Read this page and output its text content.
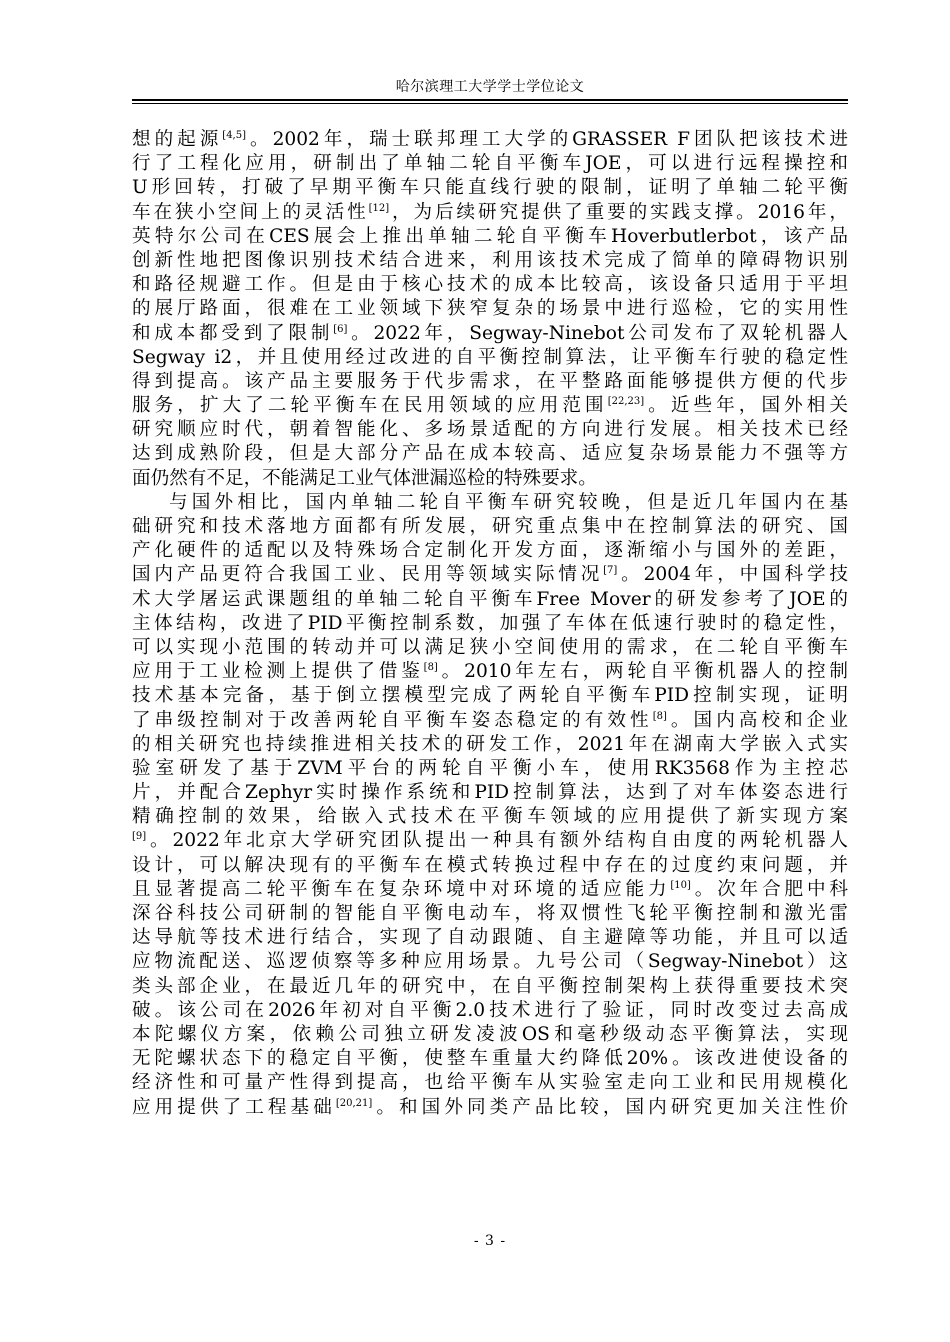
哈尔滨理工大学学士学位论文
想的起源[4,5]。2002年，瑞士联邦理工大学的GRASSER F团队把该技术进
行了工程化应用，研制出了单轴二轮自平衡车JOE，可以进行远程操控和
U形回转，打破了早期平衡车只能直线行驶的限制，证明了单轴二轮平衡
车在狭小空间上的灵活性[12]，为后续研究提供了重要的实践支撑。2016年，
英特尔公司在CES展会上推出单轴二轮自平衡车Hoverbutlerbot，该产品
创新性地把图像识别技术结合进来，利用该技术完成了简单的障碍物识别
和路径规避工作。但是由于核心技术的成本比较高，该设备只适用于平坦
的展厅路面，很难在工业领域下狭窄复杂的场景中进行巡检，它的实用性
和成本都受到了限制[6]。2022年，Segway-Ninebot公司发布了双轮机器人
Segway i2，并且使用经过改进的自平衡控制算法，让平衡车行驶的稳定性
得到提高。该产品主要服务于代步需求，在平整路面能够提供方便的代步
服务，扩大了二轮平衡车在民用领域的应用范围[22,23]。近些年，国外相关
研究顺应时代，朝着智能化、多场景适配的方向进行发展。相关技术已经
达到成熟阶段，但是大部分产品在成本较高、适应复杂场景能力不强等方
面仍然有不足，不能满足工业气体泄漏巡检的特殊要求。
与国外相比，国内单轴二轮自平衡车研究较晚，但是近几年国内在基
础研究和技术落地方面都有所发展，研究重点集中在控制算法的研究、国
产化硬件的适配以及特殊场合定制化开发方面，逐渐缩小与国外的差距，
国内产品更符合我国工业、民用等领域实际情况[7]。2004年，中国科学技
术大学屠运武课题组的单轴二轮自平衡车Free Mover的研发参考了JOE的
主体结构，改进了PID平衡控制系数，加强了车体在低速行驶时的稳定性，
可以实现小范围的转动并可以满足狭小空间使用的需求，在二轮自平衡车
应用于工业检测上提供了借鉴[8]。2010年左右，两轮自平衡机器人的控制
技术基本完备，基于倒立摆模型完成了两轮自平衡车PID控制实现，证明
了串级控制对于改善两轮自平衡车姿态稳定的有效性[8]。国内高校和企业
的相关研究也持续推进相关技术的研发工作，2021年在湖南大学嵌入式实
验室研发了基于ZVM平台的两轮自平衡小车，使用RK3568作为主控芯
片，并配合Zephyr实时操作系统和PID控制算法，达到了对车体姿态进行
精确控制的效果，给嵌入式技术在平衡车领域的应用提供了新实现方案
[9]。2022年北京大学研究团队提出一种具有额外结构自由度的两轮机器人
设计，可以解决现有的平衡车在模式转换过程中存在的过度约束问题，并
且显著提高二轮平衡车在复杂环境中对环境的适应能力[10]。次年合肥中科
深谷科技公司研制的智能自平衡电动车，将双惯性飞轮平衡控制和激光雷
达导航等技术进行结合，实现了自动跟随、自主避障等功能，并且可以适
应物流配送、巡逻侦察等多种应用场景。九号公司（Segway-Ninebot）这
类头部企业，在最近几年的研究中，在自平衡控制架构上获得重要技术突
破。该公司在2026年初对自平衡2.0技术进行了验证，同时改变过去高成
本陀螺仪方案，依赖公司独立研发凌波OS和毫秒级动态平衡算法，实现
无陀螺状态下的稳定自平衡，使整车重量大约降低20%。该改进使设备的
经济性和可量产性得到提高，也给平衡车从实验室走向工业和民用规模化
应用提供了工程基础[20,21]。和国外同类产品比较，国内研究更加关注性价
- 3 -
